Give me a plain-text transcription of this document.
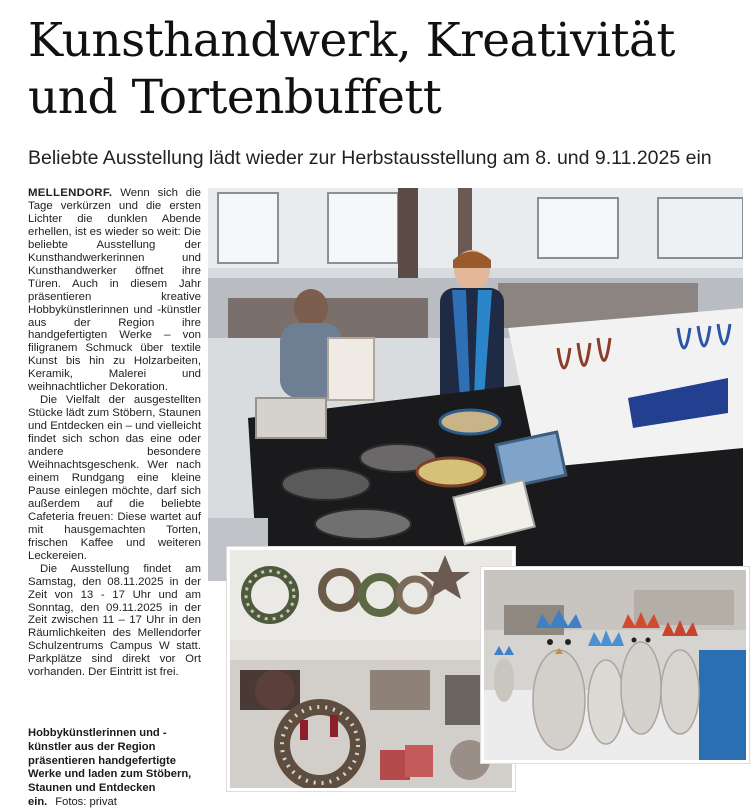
Kunsthandwerk, Kreativität und Tortenbuffett
Beliebte Ausstellung lädt wieder zur Herbstausstellung am 8. und 9.11.2025 ein

MELLENDORF. Wenn sich die Tage verkürzen und die ersten Lichter die dunklen Abende erhellen, ist es wieder so weit: Die beliebte Ausstellung der Kunsthandwerkerinnen und Kunsthandwerker öffnet ihre Türen. Auch in diesem Jahr präsentieren kreative Hobbykünstlerinnen und -künstler aus der Region ihre handgefertigten Werke – von filigranem Schmuck über textile Kunst bis hin zu Holzarbeiten, Keramik, Malerei und weihnachtlicher Dekoration.

Die Vielfalt der ausgestellten Stücke lädt zum Stöbern, Staunen und Entdecken ein – und vielleicht findet sich schon das eine oder andere besondere Weihnachtsgeschenk. Wer nach einem Rundgang eine kleine Pause einlegen möchte, darf sich außerdem auf die beliebte Cafeteria freuen: Diese wartet auf mit hausgemachten Torten, frischen Kaffee und weiteren Leckereien.

Die Ausstellung findet am Samstag, den 08.11.2025 in der Zeit von 13 - 17 Uhr und am Sonntag, den 09.11.2025 in der Zeit zwischen 11 – 17 Uhr in den Räumlichkeiten des Mellendorfer Schulzentrums Campus W statt. Parkplätze sind direkt vor Ort vorhanden. Der Eintritt ist frei.

Hobbykünstlerinnen und -künstler aus der Region präsentieren handgefertigte Werke und laden zum Stöbern, Staunen und Entdecken ein. Fotos: privat
